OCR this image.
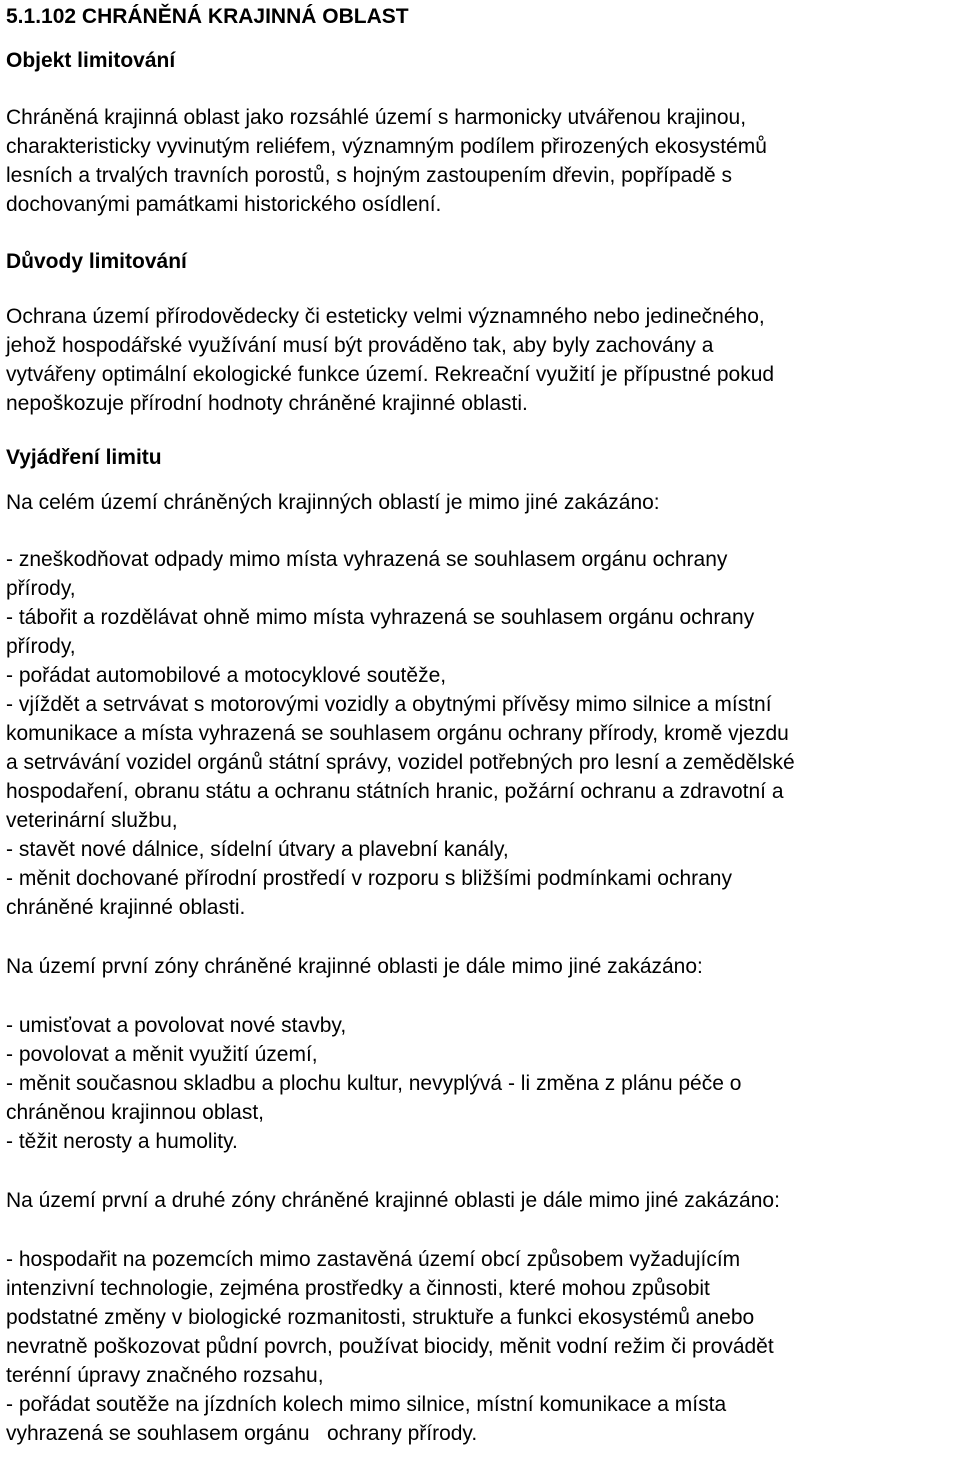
5.1.102 CHRÁNĚNÁ KRAJINNÁ OBLAST

Objekt limitování

Chráněná krajinná oblast jako rozsáhlé území s harmonicky utvářenou krajinou,

charakteristicky vyvinutým reliéfem, významným podílem přirozených ekosystémů

lesních a trvalých travních porostů, s hojným zastoupením dřevin, popřípadě s

dochovanými památkami historického osídlení.

Důvody limitování

Ochrana území přírodovědecky či esteticky velmi významného nebo jedinečného,

jehož hospodářské využívání musí být prováděno tak, aby byly zachovány a

vytvářeny optimální ekologické funkce území. Rekreační využití je přípustné pokud

nepoškozuje přírodní hodnoty chráněné krajinné oblasti.

Vyjádření limitu

Na celém území chráněných krajinných oblastí je mimo jiné zakázáno:

- zneškodňovat odpady mimo místa vyhrazená se souhlasem orgánu ochrany

přírody,

- tábořit a rozdělávat ohně mimo místa vyhrazená se souhlasem orgánu ochrany

přírody,

- pořádat automobilové a motocyklové soutěže,

- vjíždět a setrvávat s motorovými vozidly a obytnými přívěsy mimo silnice a místní

komunikace a místa vyhrazená se souhlasem orgánu ochrany přírody, kromě vjezdu

a setrvávání vozidel orgánů státní správy, vozidel potřebných pro lesní a zemědělské

hospodaření, obranu státu a ochranu státních hranic, požární ochranu a zdravotní a

veterinární službu,

- stavět nové dálnice, sídelní útvary a plavební kanály,

- měnit dochované přírodní prostředí v rozporu s bližšími podmínkami ochrany

chráněné krajinné oblasti.

Na území první zóny chráněné krajinné oblasti je dále mimo jiné zakázáno:

- umisťovat a povolovat nové stavby,

- povolovat a měnit využití území,

- měnit současnou skladbu a plochu kultur, nevyplývá - li změna z plánu péče o

chráněnou krajinnou oblast,

- těžit nerosty a humolity.

Na území první a druhé zóny chráněné krajinné oblasti je dále mimo jiné zakázáno:

- hospodařit na pozemcích mimo zastavěná území obcí způsobem vyžadujícím

intenzivní technologie, zejména prostředky a činnosti, které mohou způsobit

podstatné změny v biologické rozmanitosti, struktuře a funkci ekosystémů anebo

nevratně poškozovat půdní povrch, používat biocidy, měnit vodní režim či provádět

terénní úpravy značného rozsahu,

- pořádat soutěže na jízdních kolech mimo silnice, místní komunikace a místa

vyhrazená se souhlasem orgánu   ochrany přírody.
